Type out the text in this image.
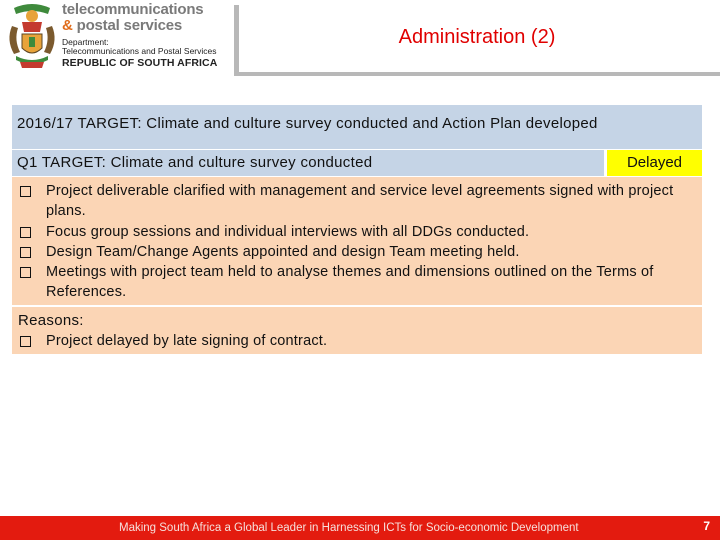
telecommunications
& postal services
Department:
Telecommunications and Postal Services
REPUBLIC OF SOUTH AFRICA
Administration (2)
2016/17 TARGET: Climate and culture survey conducted and Action Plan developed
Q1 TARGET: Climate and culture survey conducted	Delayed
Project deliverable clarified with management and service level agreements signed with project plans.
Focus group sessions and individual interviews with all DDGs conducted.
Design Team/Change Agents appointed and design Team meeting held.
Meetings with project team held to analyse themes and dimensions outlined on the Terms of References.
Reasons:
Project delayed by late signing of contract.
Making South Africa a Global Leader in Harnessing ICTs for Socio-economic Development	7
